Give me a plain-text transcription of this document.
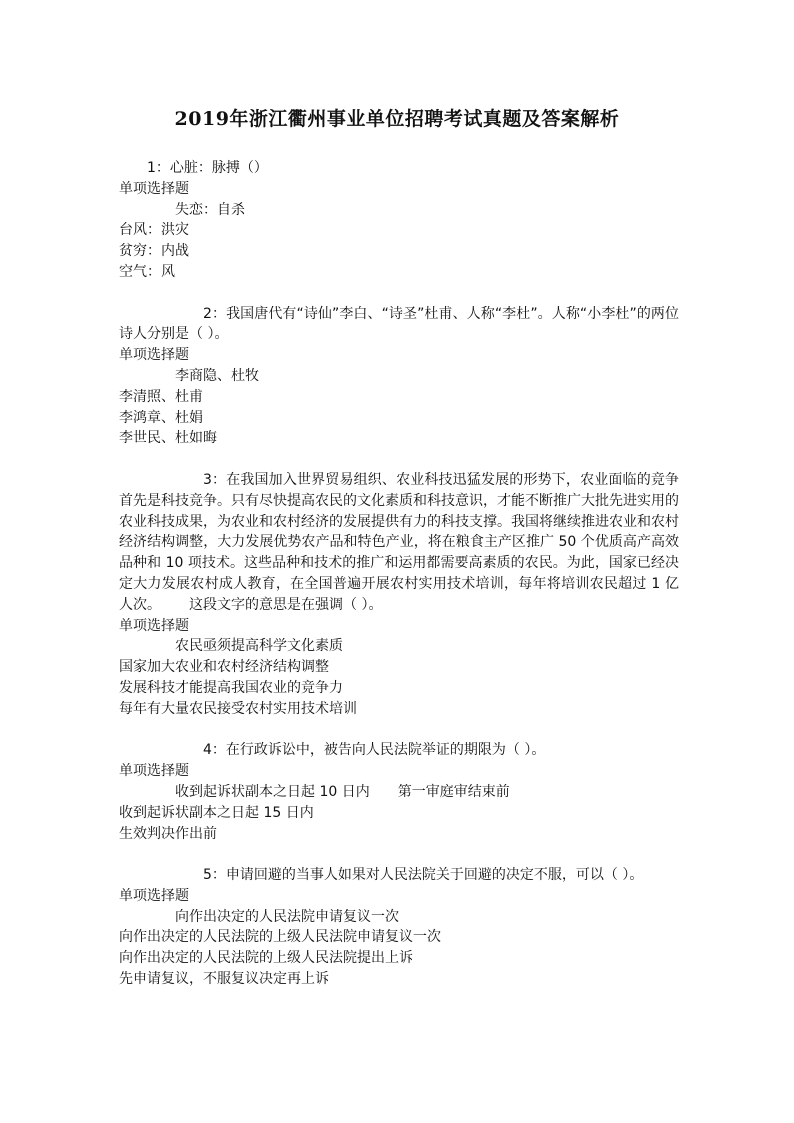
2019年浙江衢州事业单位招聘考试真题及答案解析
1：心脏：脉搏（）
单项选择题
失恋：自杀
台风：洪灾
贫穷：内战
空气：风
2：我国唐代有“诗仙”李白、“诗圣”杜甫、人称“李杜”。人称“小李杜”的两位诗人分别是（ ）。
单项选择题
李商隐、杜牧
李清照、杜甫
李鸿章、杜娟
李世民、杜如晦
3：在我国加入世界贸易组织、农业科技迅猛发展的形势下，农业面临的竞争首先是科技竞争。只有尽快提高农民的文化素质和科技意识，才能不断推广大批先进实用的农业科技成果，为农业和农村经济的发展提供有力的科技支撑。我国将继续推进农业和农村经济结构调整，大力发展优势农产品和特色产业，将在粮食主产区推广 50 个优质高产高效品种和 10 项技术。这些品种和技术的推广和运用都需要高素质的农民。为此，国家已经决定大力发展农村成人教育，在全国普遍开展农村实用技术培训，每年将培训农民超过 1 亿人次。 这段文字的意思是在强调（ ）。
单项选择题
农民亟须提高科学文化素质
国家加大农业和农村经济结构调整
发展科技才能提高我国农业的竞争力
每年有大量农民接受农村实用技术培训
4：在行政诉讼中，被告向人民法院举证的期限为（ ）。
单项选择题
收到起诉状副本之日起 10 日内 第一审庭审结束前
收到起诉状副本之日起 15 日内
生效判决作出前
5：申请回避的当事人如果对人民法院关于回避的决定不服，可以（ ）。
单项选择题
向作出决定的人民法院申请复议一次
向作出决定的人民法院的上级人民法院申请复议一次
向作出决定的人民法院的上级人民法院提出上诉
先申请复议，不服复议决定再上诉
